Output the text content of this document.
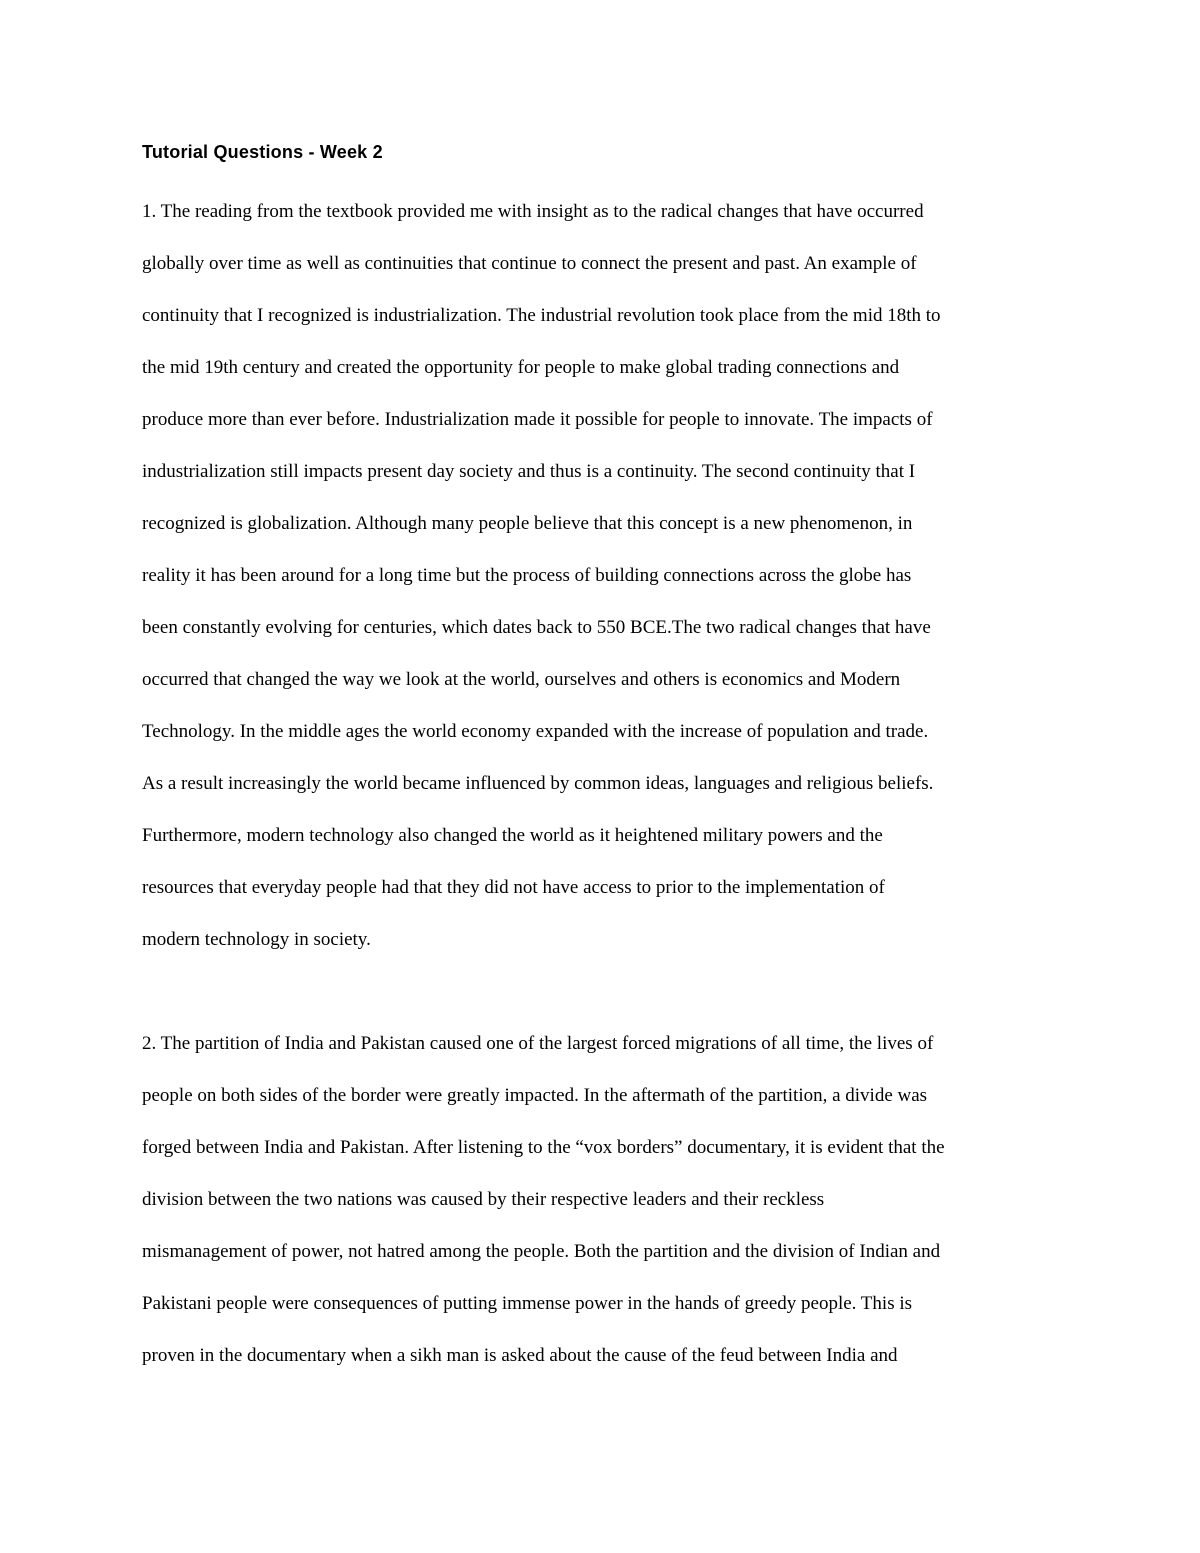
Tutorial Questions - Week 2
1. The reading from the textbook provided me with insight as to the radical changes that have occurred
globally over time as well as continuities that continue to connect the present and past. An example of
continuity that I recognized is industrialization. The industrial revolution took place from the mid 18th to
the mid 19th century and created the opportunity for people to make global trading connections and
produce more than ever before. Industrialization made it possible for people to innovate. The impacts of
industrialization still impacts present day society and thus is a continuity. The second continuity that I
recognized is globalization. Although many people believe that this concept is a new phenomenon, in
reality it has been around for a long time but the process of building connections across the globe has
been constantly evolving for centuries, which dates back to 550 BCE.The two radical changes that have
occurred that changed the way we look at the world, ourselves and others is economics and Modern
Technology. In the middle ages the world economy expanded with the increase of population and trade.
As a result increasingly the world became influenced by common ideas, languages and religious beliefs.
Furthermore, modern technology also changed the world as it heightened military powers and the
resources that everyday people had that they did not have access to prior to the implementation of
modern technology in society.
2. The partition of India and Pakistan caused one of the largest forced migrations of all time, the lives of
people on both sides of the border were greatly impacted. In the aftermath of the partition, a divide was
forged between India and Pakistan. After listening to the “vox borders” documentary, it is evident that the
division between the two nations was caused by their respective leaders and their reckless
mismanagement of power, not hatred among the people. Both the partition and the division of Indian and
Pakistani people were consequences of putting immense power in the hands of greedy people. This is
proven in the documentary when a sikh man is asked about the cause of the feud between India and
